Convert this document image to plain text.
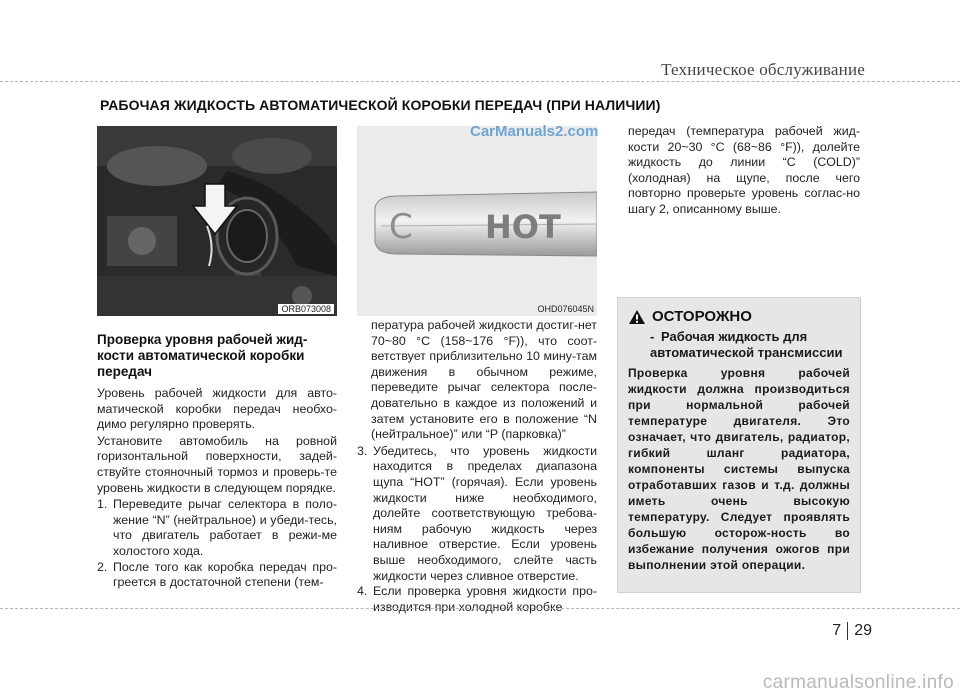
Техническое обслуживание
РАБОЧАЯ ЖИДКОСТЬ АВТОМАТИЧЕСКОЙ КОРОБКИ ПЕРЕДАЧ (ПРИ НАЛИЧИИ)
ORB073008
C HOT
OHD076045N
CarManuals2.com
Проверка уровня рабочей жид-кости автоматической коробки передач

Уровень рабочей жидкости для авто-матической коробки передач необхо-димо регулярно проверять.

Установите автомобиль на ровной горизонтальной поверхности, задей-ствуйте стояночный тормоз и проверь-те уровень жидкости в следующем порядке.

1. Переведите рычаг селектора в поло-жение “N” (нейтральное) и убеди-тесь, что двигатель работает в режи-ме холостого хода.
2. После того как коробка передач про-греется в достаточной степени (тем-

пература рабочей жидкости достиг-нет 70~80 °C (158~176 °F)), что соот-ветствует приблизительно 10 мину-там движения в обычном режиме, переведите рычаг селектора после-довательно в каждое из положений и затем установите его в положение “N (нейтральное)” или “P (парковка)”

3. Убедитесь, что уровень жидкости находится в пределах диапазона щупа “HOT” (горячая). Если уровень жидкости ниже необходимого, долейте соответствующую требова-ниям рабочую жидкость через наливное отверстие. Если уровень выше необходимого, слейте часть жидкости через сливное отверстие.
4. Если проверка уровня жидкости про-изводится при холодной коробке

передач (температура рабочей жид-кости 20~30 °C (68~86 °F)), долейте жидкость до линии “C (COLD)” (холодная) на щупе, после чего повторно проверьте уровень соглас-но шагу 2, описанному выше.

ОСТОРОЖНО
- Рабочая жидкость для автоматической трансмиссии
Проверка уровня рабочей жидкости должна производиться при нормальной рабочей температуре двигателя. Это означает, что двигатель, радиатор, гибкий шланг радиатора, компоненты системы выпуска отработавших газов и т.д. должны иметь очень высокую температуру. Следует проявлять большую осторож-ность во избежание получения ожогов при выполнении этой операции.
7 29
carmanualsonline.info
